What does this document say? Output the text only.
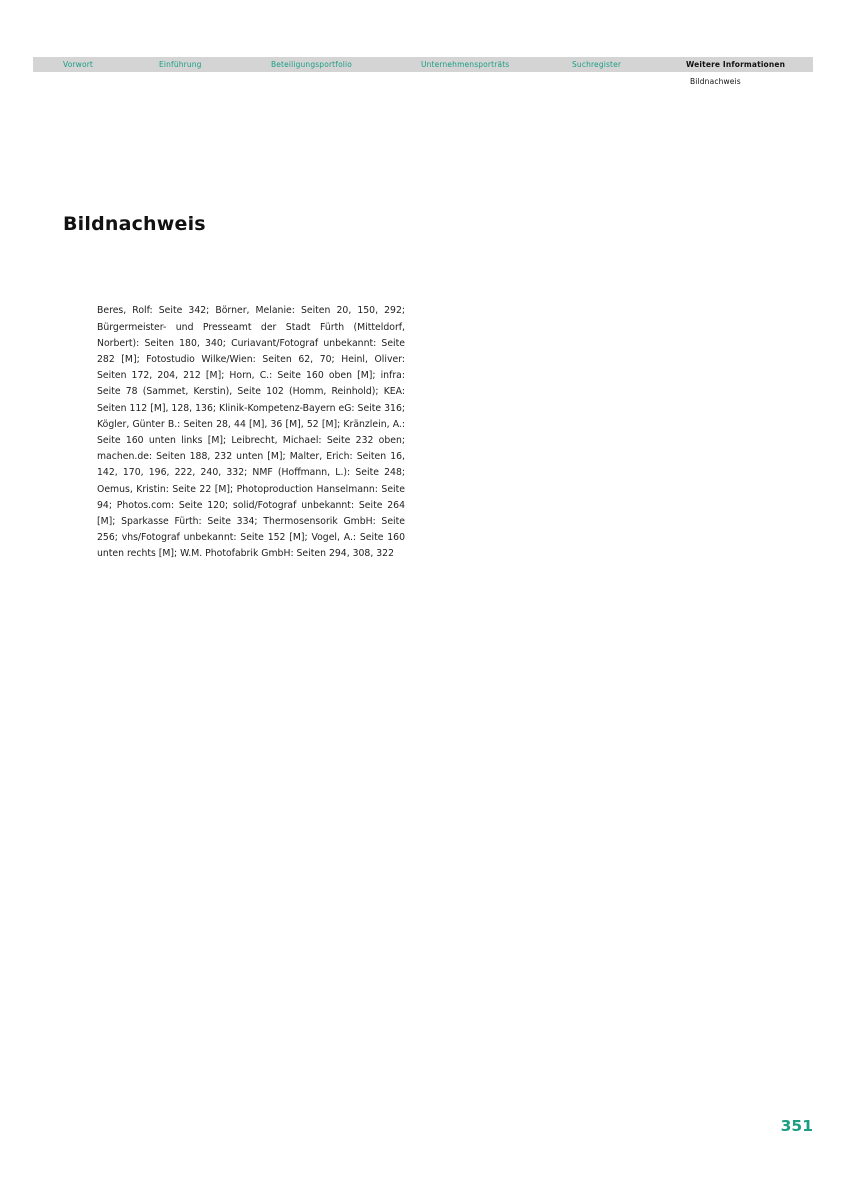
Vorwort	Einführung	Beteiligungsportfolio	Unternehmensporträts	Suchregister	Weitere Informationen
Bildnachweis
Bildnachweis

Beres, Rolf: Seite 342; Börner, Melanie: Seiten 20, 150, 292; Bürgermeister- und Presseamt der Stadt Fürth (Mitteldorf, Norbert): Seiten 180, 340; Curiavant/Fotograf unbekannt: Seite 282 [M]; Fotostudio Wilke/Wien: Seiten 62, 70; Heinl, Oliver: Seiten 172, 204, 212 [M]; Horn, C.: Seite 160 oben [M]; infra: Seite 78 (Sammet, Kerstin), Seite 102 (Homm, Reinhold); KEA: Seiten 112 [M], 128, 136; Klinik-Kompetenz-Bayern eG: Seite 316; Kögler, Günter B.: Seiten 28, 44 [M], 36 [M], 52 [M]; Kränzlein, A.: Seite 160 unten links [M]; Leibrecht, Michael: Seite 232 oben; machen.de: Seiten 188, 232 unten [M]; Malter, Erich: Seiten 16, 142, 170, 196, 222, 240, 332; NMF (Hoffmann, L.): Seite 248; Oemus, Kristin: Seite 22 [M]; Photoproduction Hanselmann: Seite 94; Photos.com: Seite 120; solid/Fotograf unbekannt: Seite 264 [M]; Sparkasse Fürth: Seite 334; Thermosensorik GmbH: Seite 256; vhs/Fotograf unbekannt: Seite 152 [M]; Vogel, A.: Seite 160 unten rechts [M]; W.M. Photofabrik GmbH: Seiten 294, 308, 322

351
